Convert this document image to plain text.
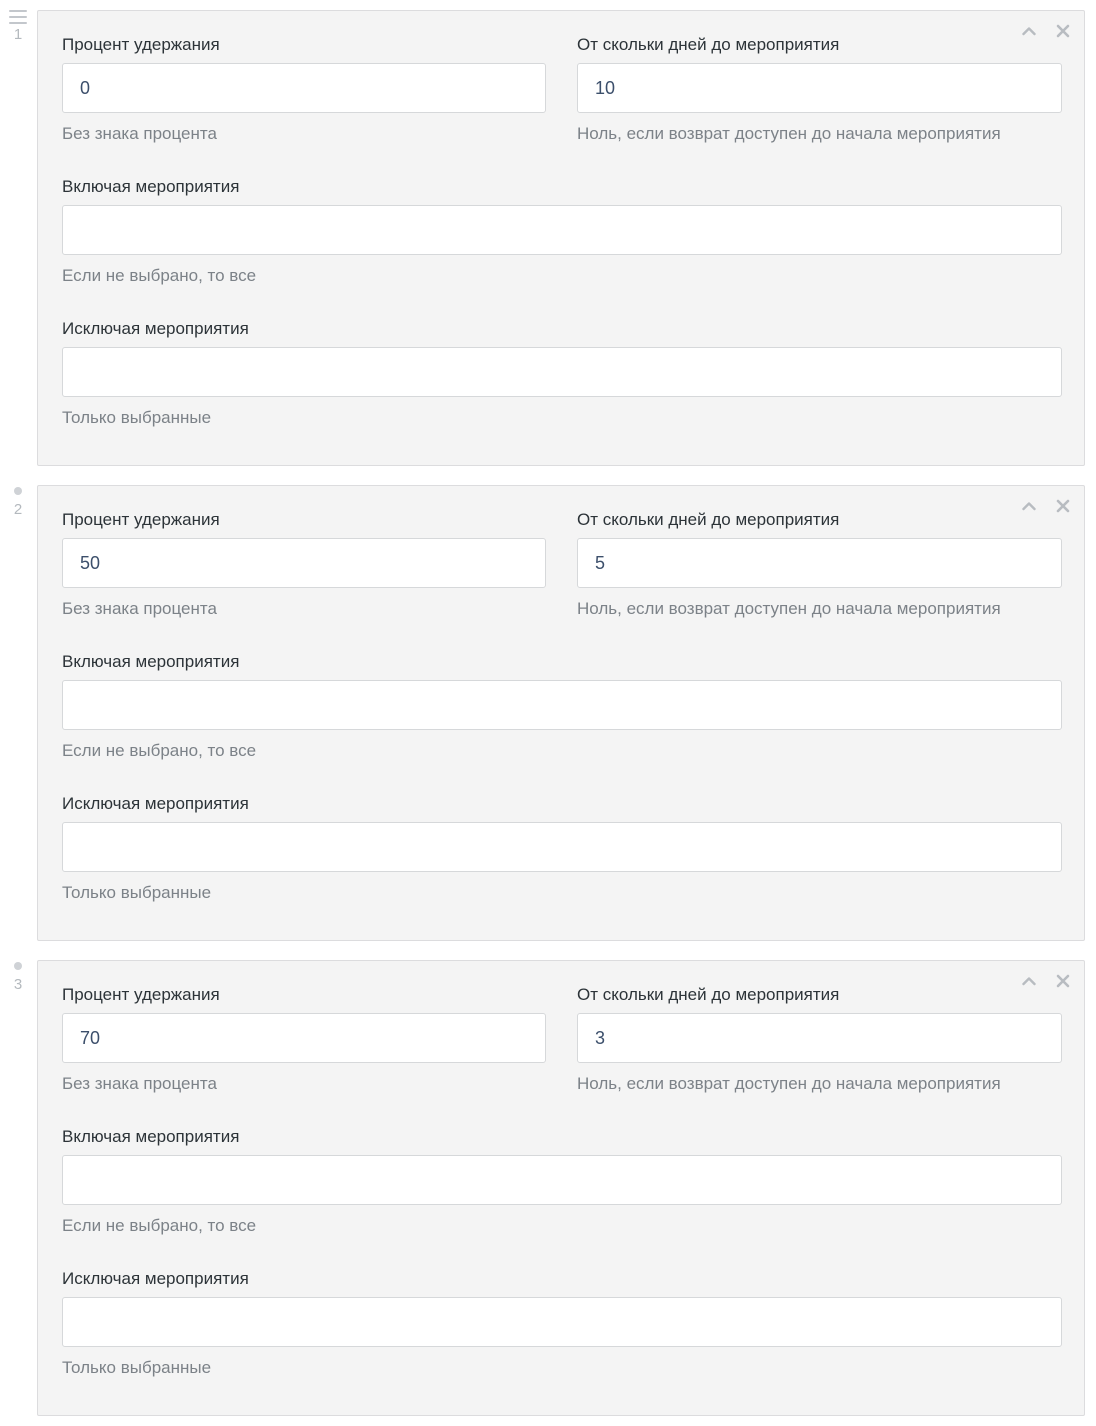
1
Процент удержания
0
Без знака процента
От скольки дней до мероприятия
10
Ноль, если возврат доступен до начала мероприятия
Включая мероприятия
Если не выбрано, то все
Исключая мероприятия
Только выбранные
2
Процент удержания
50
Без знака процента
От скольки дней до мероприятия
5
Ноль, если возврат доступен до начала мероприятия
Включая мероприятия
Если не выбрано, то все
Исключая мероприятия
Только выбранные
3
Процент удержания
70
Без знака процента
От скольки дней до мероприятия
3
Ноль, если возврат доступен до начала мероприятия
Включая мероприятия
Если не выбрано, то все
Исключая мероприятия
Только выбранные
